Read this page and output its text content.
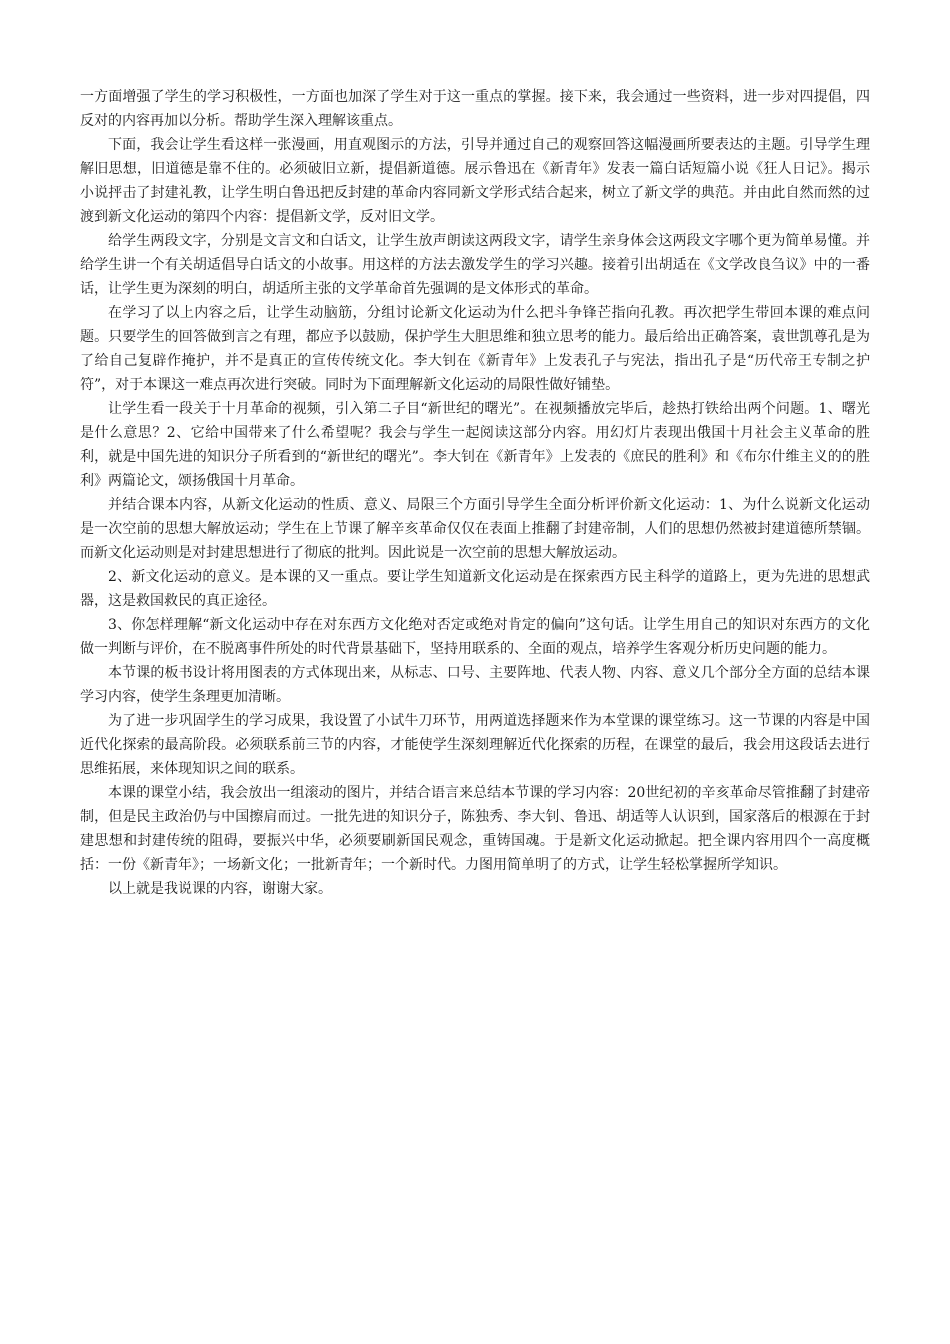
一方面增强了学生的学习积极性，一方面也加深了学生对于这一重点的掌握。接下来，我会通过一些资料，进一步对四提倡，四反对的内容再加以分析。帮助学生深入理解该重点。

下面，我会让学生看这样一张漫画，用直观图示的方法，引导并通过自己的观察回答这幅漫画所要表达的主题。引导学生理解旧思想，旧道德是靠不住的。必须破旧立新，提倡新道德。展示鲁迅在《新青年》发表一篇白话短篇小说《狂人日记》。揭示小说抨击了封建礼教，让学生明白鲁迅把反封建的革命内容同新文学形式结合起来，树立了新文学的典范。并由此自然而然的过渡到新文化运动的第四个内容：提倡新文学，反对旧文学。

给学生两段文字，分别是文言文和白话文，让学生放声朗读这两段文字，请学生亲身体会这两段文字哪个更为简单易懂。并给学生讲一个有关胡适倡导白话文的小故事。用这样的方法去激发学生的学习兴趣。接着引出胡适在《文学改良刍议》中的一番话，让学生更为深刻的明白，胡适所主张的文学革命首先强调的是文体形式的革命。

在学习了以上内容之后，让学生动脑筋，分组讨论新文化运动为什么把斗争锋芒指向孔教。再次把学生带回本课的难点问题。只要学生的回答做到言之有理，都应予以鼓励，保护学生大胆思维和独立思考的能力。最后给出正确答案，袁世凯尊孔是为了给自己复辟作掩护，并不是真正的宣传传统文化。李大钊在《新青年》上发表孔子与宪法，指出孔子是“历代帝王专制之护符”，对于本课这一难点再次进行突破。同时为下面理解新文化运动的局限性做好铺垫。

让学生看一段关于十月革命的视频，引入第二子目“新世纪的曙光”。在视频播放完毕后，趁热打铁给出两个问题。1、曙光是什么意思？2、它给中国带来了什么希望呢？我会与学生一起阅读这部分内容。用幻灯片表现出俄国十月社会主义革命的胜利，就是中国先进的知识分子所看到的“新世纪的曙光”。李大钊在《新青年》上发表的《庶民的胜利》和《布尔什维主义的的胜利》两篇论文，颂扬俄国十月革命。

并结合课本内容，从新文化运动的性质、意义、局限三个方面引导学生全面分析评价新文化运动：1、为什么说新文化运动是一次空前的思想大解放运动；学生在上节课了解辛亥革命仅仅在表面上推翻了封建帝制，人们的思想仍然被封建道德所禁锢。而新文化运动则是对封建思想进行了彻底的批判。因此说是一次空前的思想大解放运动。

2、新文化运动的意义。是本课的又一重点。要让学生知道新文化运动是在探索西方民主科学的道路上，更为先进的思想武器，这是救国救民的真正途径。

3、你怎样理解“新文化运动中存在对东西方文化绝对否定或绝对肯定的偏向”这句话。让学生用自己的知识对东西方的文化做一判断与评价，在不脱离事件所处的时代背景基础下，坚持用联系的、全面的观点，培养学生客观分析历史问题的能力。

本节课的板书设计将用图表的方式体现出来，从标志、口号、主要阵地、代表人物、内容、意义几个部分全方面的总结本课学习内容，使学生条理更加清晰。

为了进一步巩固学生的学习成果，我设置了小试牛刀环节，用两道选择题来作为本堂课的课堂练习。这一节课的内容是中国近代化探索的最高阶段。必须联系前三节的内容，才能使学生深刻理解近代化探索的历程，在课堂的最后，我会用这段话去进行思维拓展，来体现知识之间的联系。

本课的课堂小结，我会放出一组滚动的图片，并结合语言来总结本节课的学习内容：20世纪初的辛亥革命尽管推翻了封建帝制，但是民主政治仍与中国擦肩而过。一批先进的知识分子，陈独秀、李大钊、鲁迅、胡适等人认识到，国家落后的根源在于封建思想和封建传统的阻碍，要振兴中华，必须要刷新国民观念，重铸国魂。于是新文化运动掀起。把全课内容用四个一高度概括：一份《新青年》；一场新文化；一批新青年；一个新时代。力图用简单明了的方式，让学生轻松掌握所学知识。

以上就是我说课的内容，谢谢大家。
